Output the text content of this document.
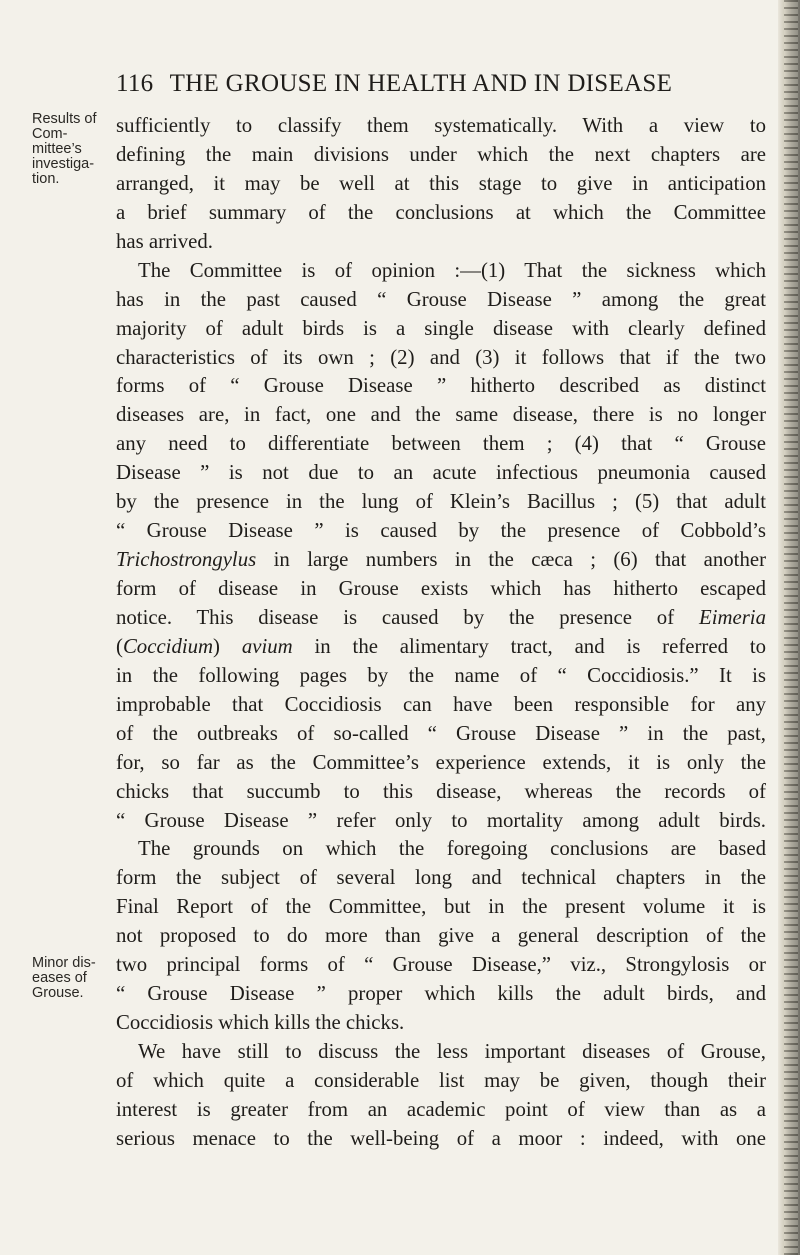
116 THE GROUSE IN HEALTH AND IN DISEASE
Results of
Com-
mittee’s
investiga-
tion.
Minor dis-
eases of
Grouse.
sufficiently to classify them systematically. With a view to
defining the main divisions under which the next chapters are
arranged, it may be well at this stage to give in anticipation
a brief summary of the conclusions at which the Committee
has arrived.
The Committee is of opinion :—(1) That the sickness which
has in the past caused “ Grouse Disease ” among the great
majority of adult birds is a single disease with clearly defined
characteristics of its own ; (2) and (3) it follows that if the two
forms of “ Grouse Disease ” hitherto described as distinct
diseases are, in fact, one and the same disease, there is no longer
any need to differentiate between them ; (4) that “ Grouse
Disease ” is not due to an acute infectious pneumonia caused
by the presence in the lung of Klein’s Bacillus ; (5) that adult
“ Grouse Disease ” is caused by the presence of Cobbold’s
Trichostrongylus in large numbers in the cæca ; (6) that another
form of disease in Grouse exists which has hitherto escaped
notice. This disease is caused by the presence of Eimeria
(Coccidium) avium in the alimentary tract, and is referred to
in the following pages by the name of “ Coccidiosis.” It is
improbable that Coccidiosis can have been responsible for any
of the outbreaks of so-called “ Grouse Disease ” in the past,
for, so far as the Committee’s experience extends, it is only the
chicks that succumb to this disease, whereas the records of
“ Grouse Disease ” refer only to mortality among adult birds.
The grounds on which the foregoing conclusions are based
form the subject of several long and technical chapters in the
Final Report of the Committee, but in the present volume it is
not proposed to do more than give a general description of the
two principal forms of “ Grouse Disease,” viz., Strongylosis or
“ Grouse Disease ” proper which kills the adult birds, and
Coccidiosis which kills the chicks.
We have still to discuss the less important diseases of Grouse,
of which quite a considerable list may be given, though their
interest is greater from an academic point of view than as a
serious menace to the well-being of a moor : indeed, with one
